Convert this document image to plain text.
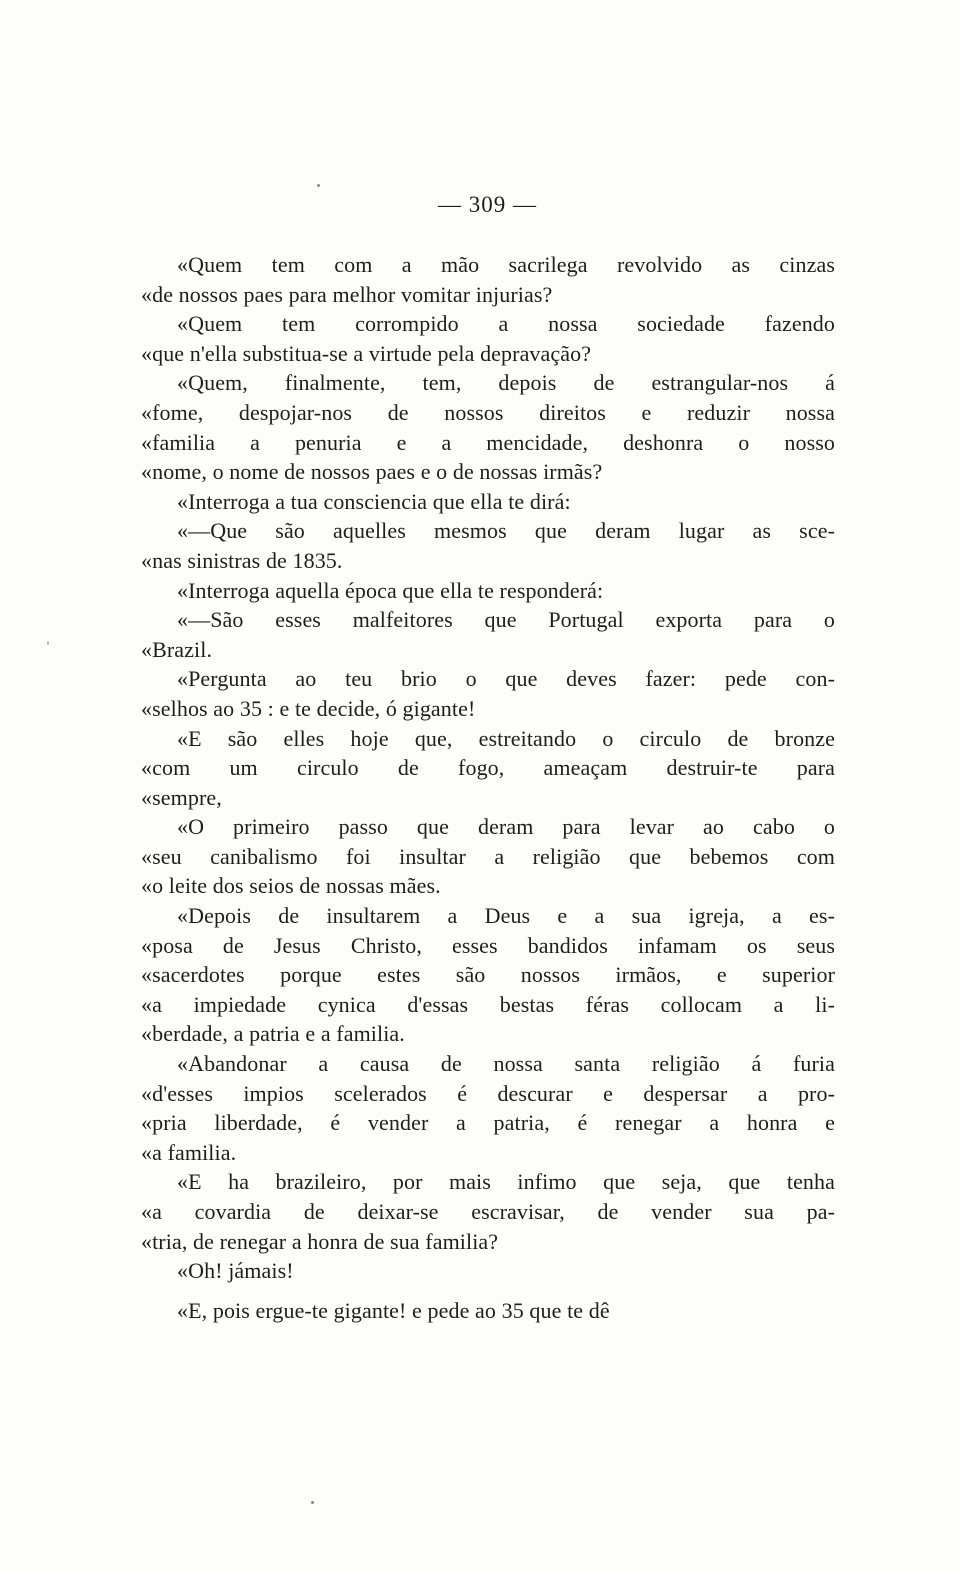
— 309 —
«Quem tem com a mão sacrilega revolvido as cinzas
«de nossos paes para melhor vomitar injurias?
«Quem tem corrompido a nossa sociedade fazendo
«que n'ella substitua-se a virtude pela depravação?
«Quem, finalmente, tem, depois de estrangular-nos á
«fome, despojar-nos de nossos direitos e reduzir nossa
«familia a penuria e a mencidade, deshonra o nosso
«nome, o nome de nossos paes e o de nossas irmãs?
«Interroga a tua consciencia que ella te dirá:
«—Que são aquelles mesmos que deram lugar as sce-
«nas sinistras de 1835.
«Interroga aquella época que ella te responderá:
«—São esses malfeitores que Portugal exporta para o
«Brazil.
«Pergunta ao teu brio o que deves fazer: pede con-
«selhos ao 35 : e te decide, ó gigante!
«E são elles hoje que, estreitando o circulo de bronze
«com um circulo de fogo, ameaçam destruir-te para
«sempre,
«O primeiro passo que deram para levar ao cabo o
«seu canibalismo foi insultar a religião que bebemos com
«o leite dos seios de nossas mães.
«Depois de insultarem a Deus e a sua igreja, a es-
«posa de Jesus Christo, esses bandidos infamam os seus
«sacerdotes porque estes são nossos irmãos, e superior
«a impiedade cynica d'essas bestas féras collocam a li-
«berdade, a patria e a familia.
«Abandonar a causa de nossa santa religião á furia
«d'esses impios scelerados é descurar e despersar a pro-
«pria liberdade, é vender a patria, é renegar a honra e
«a familia.
«E ha brazileiro, por mais infimo que seja, que tenha
«a covardia de deixar-se escravisar, de vender sua pa-
«tria, de renegar a honra de sua familia?
«Oh! jámais!
«E, pois ergue-te gigante! e pede ao 35 que te dê
